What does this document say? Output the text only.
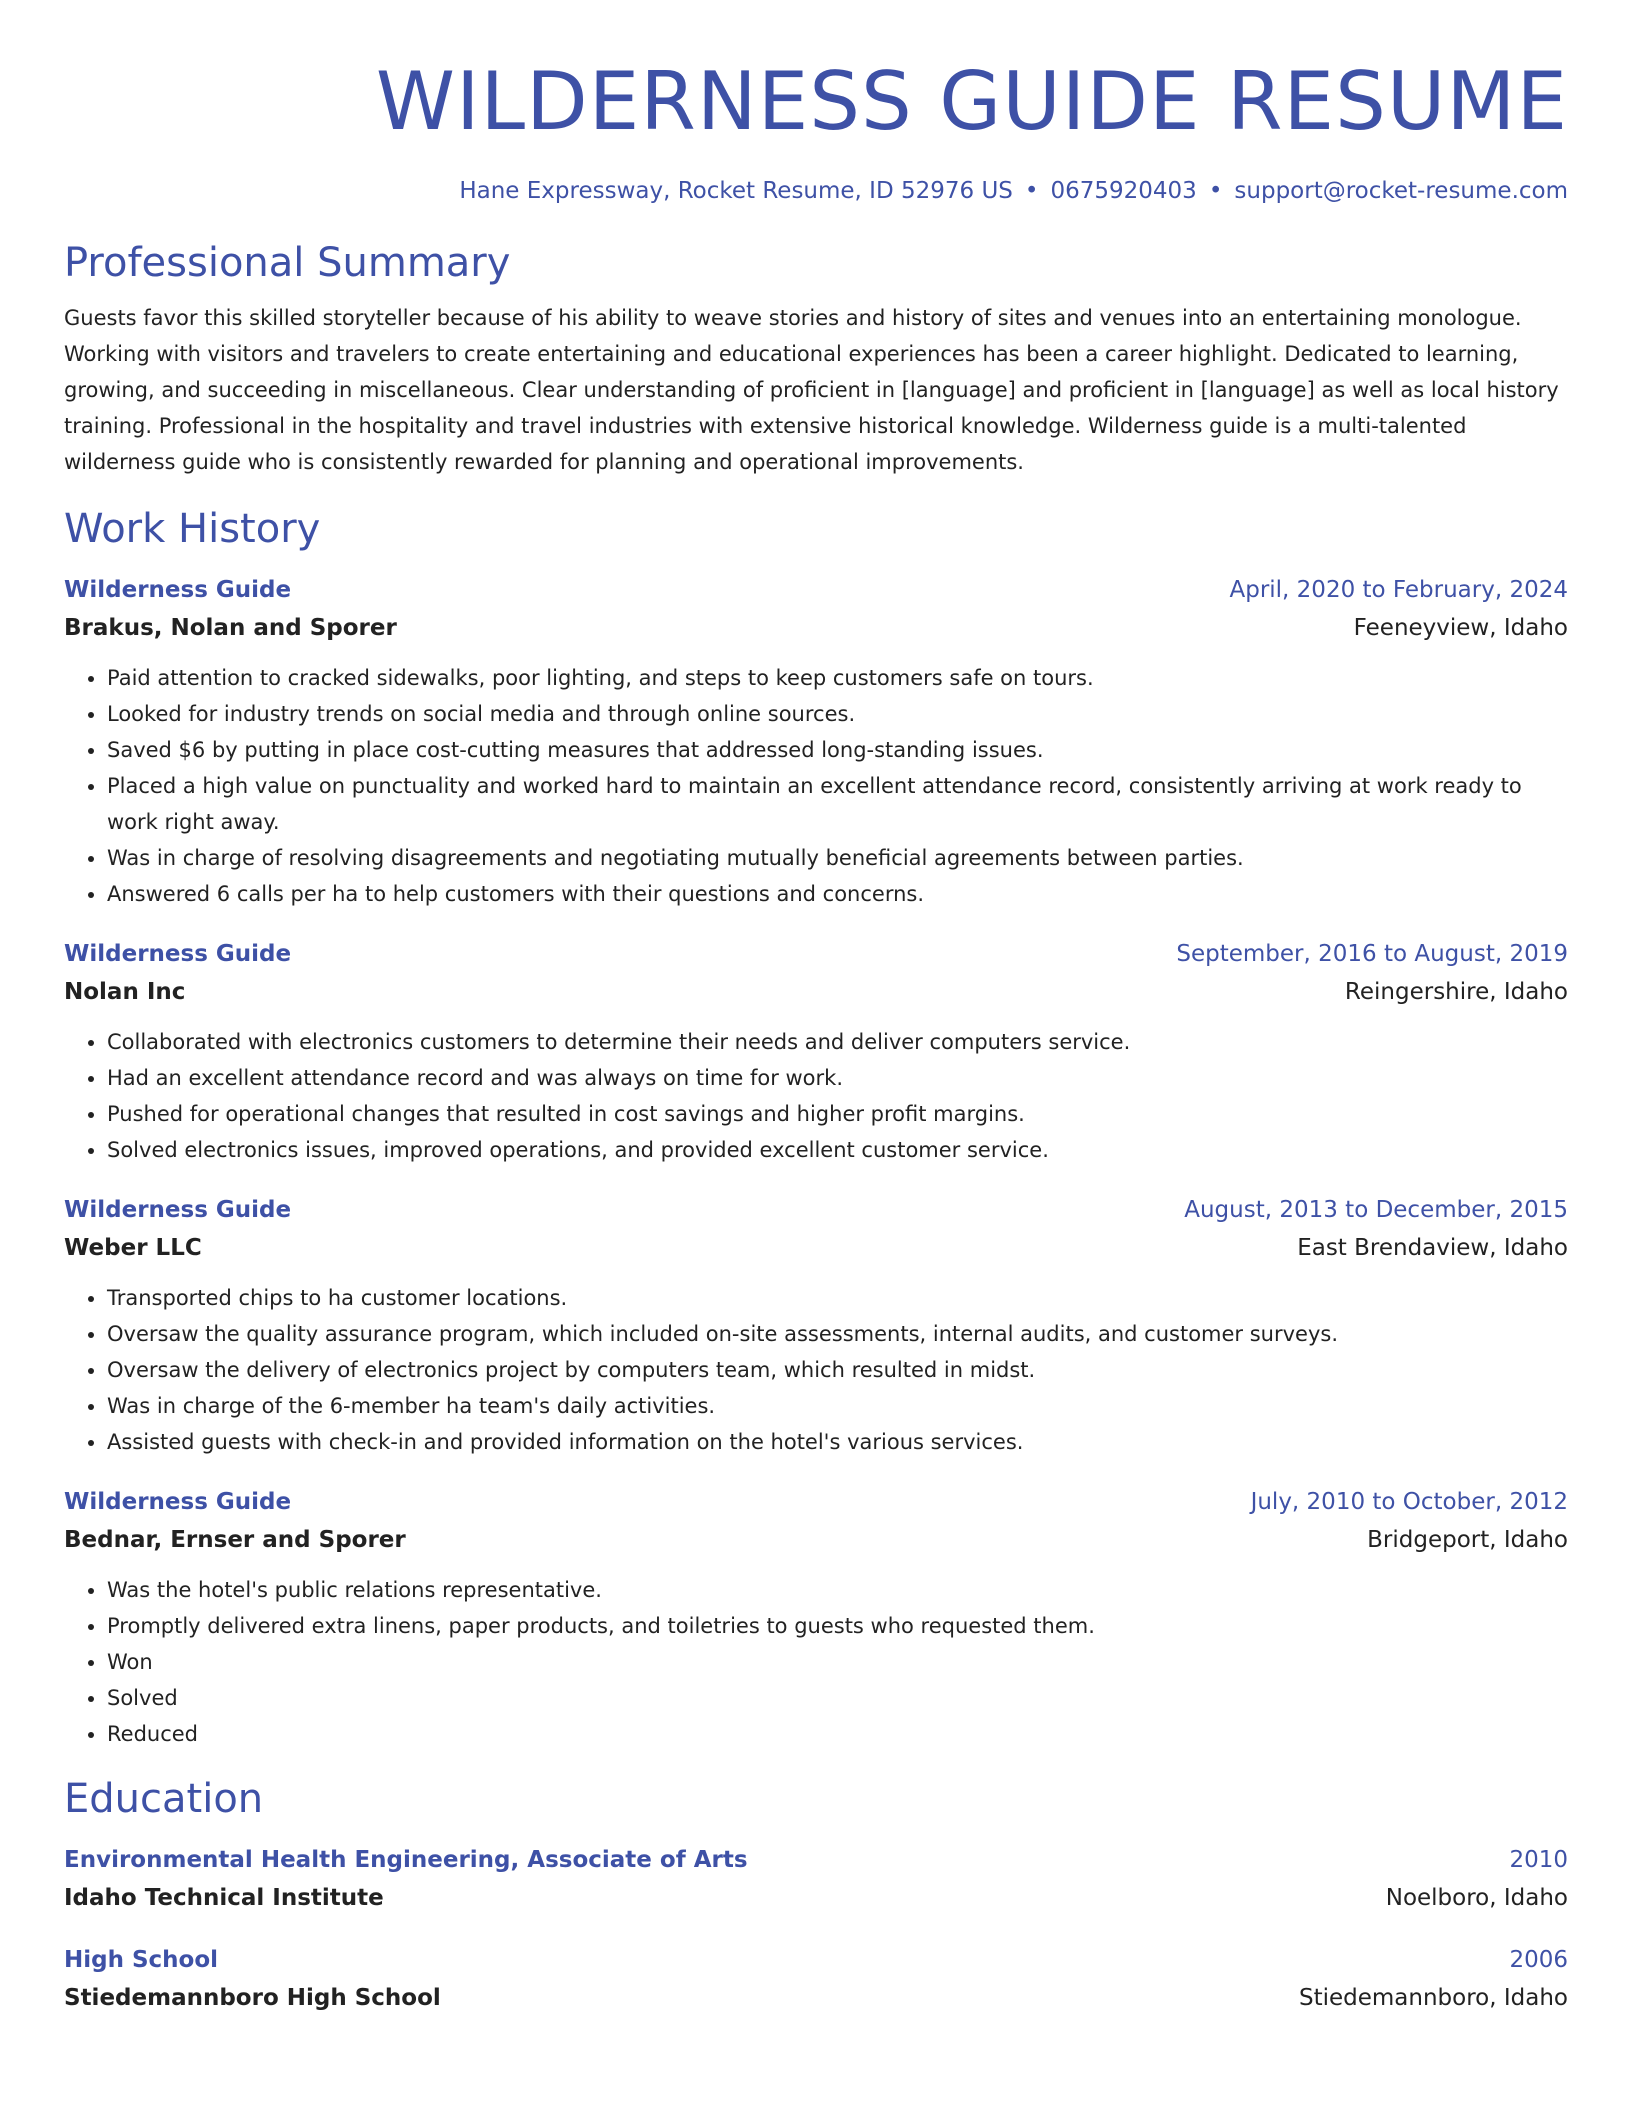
WILDERNESS GUIDE RESUME
Hane Expressway, Rocket Resume, ID 52976 US • 0675920403 • support@rocket-resume.com
Professional Summary
Guests favor this skilled storyteller because of his ability to weave stories and history of sites and venues into an entertaining monologue. Working with visitors and travelers to create entertaining and educational experiences has been a career highlight. Dedicated to learning, growing, and succeeding in miscellaneous. Clear understanding of proficient in [language] and proficient in [language] as well as local history training. Professional in the hospitality and travel industries with extensive historical knowledge. Wilderness guide is a multi-talented wilderness guide who is consistently rewarded for planning and operational improvements.
Work History
Wilderness Guide	April, 2020 to February, 2024
Brakus, Nolan and Sporer	Feeneyview, Idaho
• Paid attention to cracked sidewalks, poor lighting, and steps to keep customers safe on tours.
• Looked for industry trends on social media and through online sources.
• Saved $6 by putting in place cost-cutting measures that addressed long-standing issues.
• Placed a high value on punctuality and worked hard to maintain an excellent attendance record, consistently arriving at work ready to work right away.
• Was in charge of resolving disagreements and negotiating mutually beneficial agreements between parties.
• Answered 6 calls per ha to help customers with their questions and concerns.
Wilderness Guide	September, 2016 to August, 2019
Nolan Inc	Reingershire, Idaho
• Collaborated with electronics customers to determine their needs and deliver computers service.
• Had an excellent attendance record and was always on time for work.
• Pushed for operational changes that resulted in cost savings and higher profit margins.
• Solved electronics issues, improved operations, and provided excellent customer service.
Wilderness Guide	August, 2013 to December, 2015
Weber LLC	East Brendaview, Idaho
• Transported chips to ha customer locations.
• Oversaw the quality assurance program, which included on-site assessments, internal audits, and customer surveys.
• Oversaw the delivery of electronics project by computers team, which resulted in midst.
• Was in charge of the 6-member ha team's daily activities.
• Assisted guests with check-in and provided information on the hotel's various services.
Wilderness Guide	July, 2010 to October, 2012
Bednar, Ernser and Sporer	Bridgeport, Idaho
• Was the hotel's public relations representative.
• Promptly delivered extra linens, paper products, and toiletries to guests who requested them.
• Won
• Solved
• Reduced
Education
Environmental Health Engineering, Associate of Arts	2010
Idaho Technical Institute	Noelboro, Idaho
High School	2006
Stiedemannboro High School	Stiedemannboro, Idaho
